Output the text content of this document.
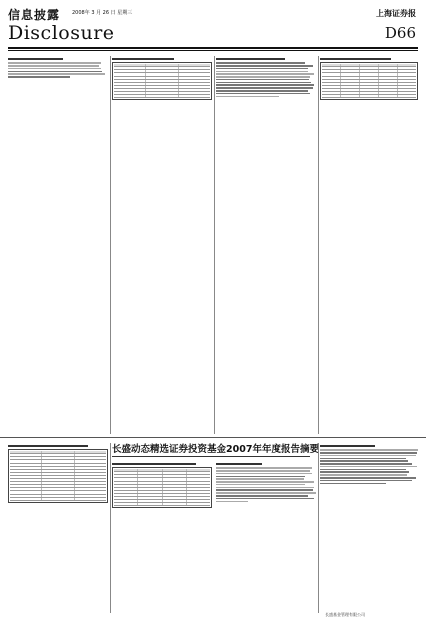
信息披露 2008年 3 月 26 日 星期三
Disclosure
上海证券报
D66
长盛动态精选证券投资基金2007年年度报告摘要
长盛基金管理有限公司
